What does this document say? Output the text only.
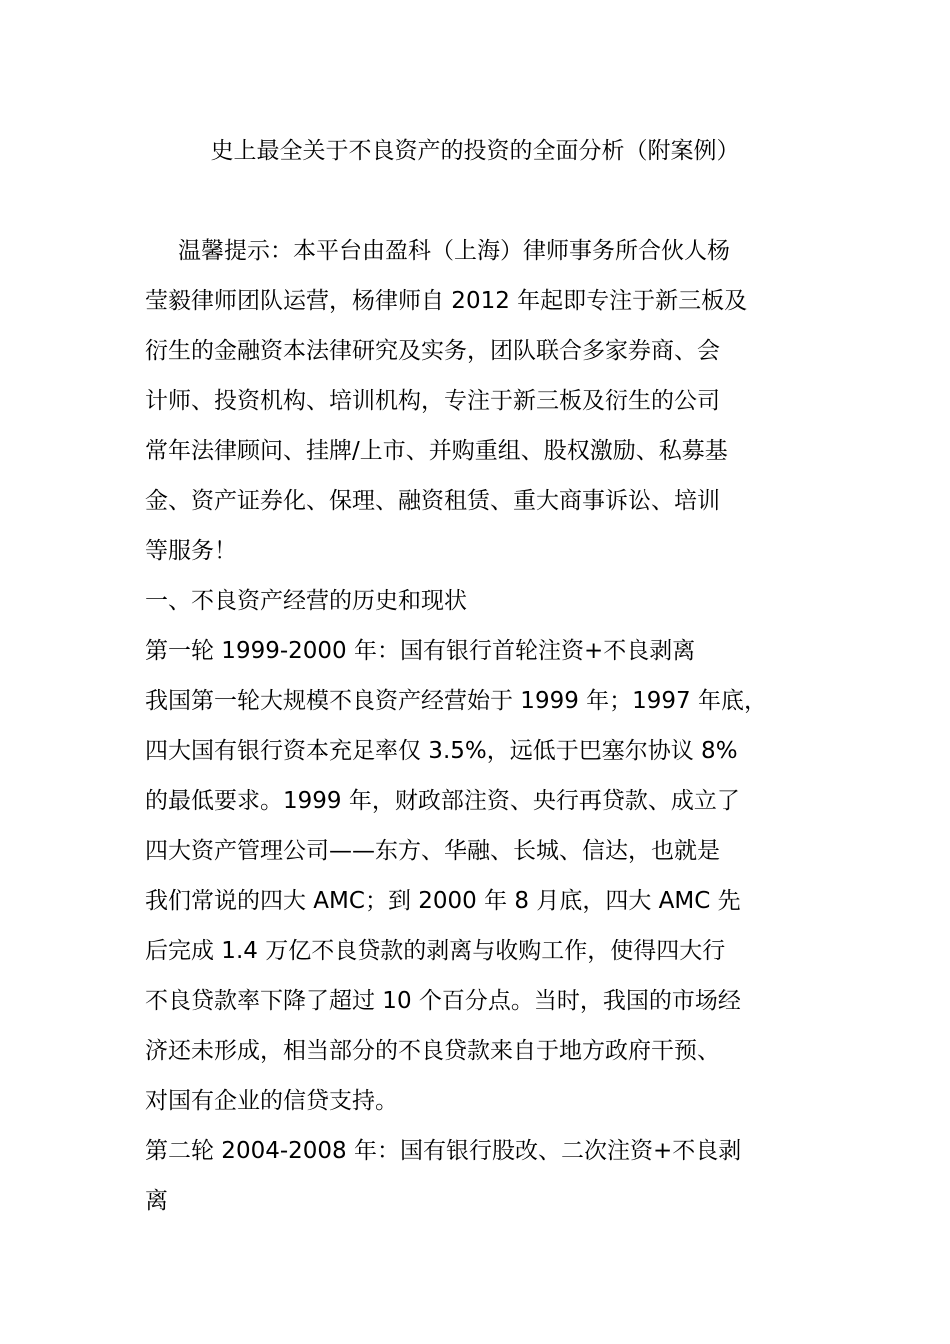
史上最全关于不良资产的投资的全面分析（附案例）
温馨提示：本平台由盈科（上海）律师事务所合伙人杨
莹毅律师团队运营，杨律师自 2012 年起即专注于新三板及
衍生的金融资本法律研究及实务，团队联合多家券商、会
计师、投资机构、培训机构，专注于新三板及衍生的公司
常年法律顾问、挂牌/上市、并购重组、股权激励、私募基
金、资产证券化、保理、融资租赁、重大商事诉讼、培训
等服务！
一、不良资产经营的历史和现状
第一轮 1999-2000 年：国有银行首轮注资+不良剥离
我国第一轮大规模不良资产经营始于 1999 年；1997 年底，
四大国有银行资本充足率仅 3.5%，远低于巴塞尔协议 8%
的最低要求。1999 年，财政部注资、央行再贷款、成立了
四大资产管理公司——东方、华融、长城、信达，也就是
我们常说的四大 AMC；到 2000 年 8 月底，四大 AMC 先
后完成 1.4 万亿不良贷款的剥离与收购工作，使得四大行
不良贷款率下降了超过 10 个百分点。当时，我国的市场经
济还未形成，相当部分的不良贷款来自于地方政府干预、
对国有企业的信贷支持。
第二轮 2004-2008 年：国有银行股改、二次注资+不良剥
离
